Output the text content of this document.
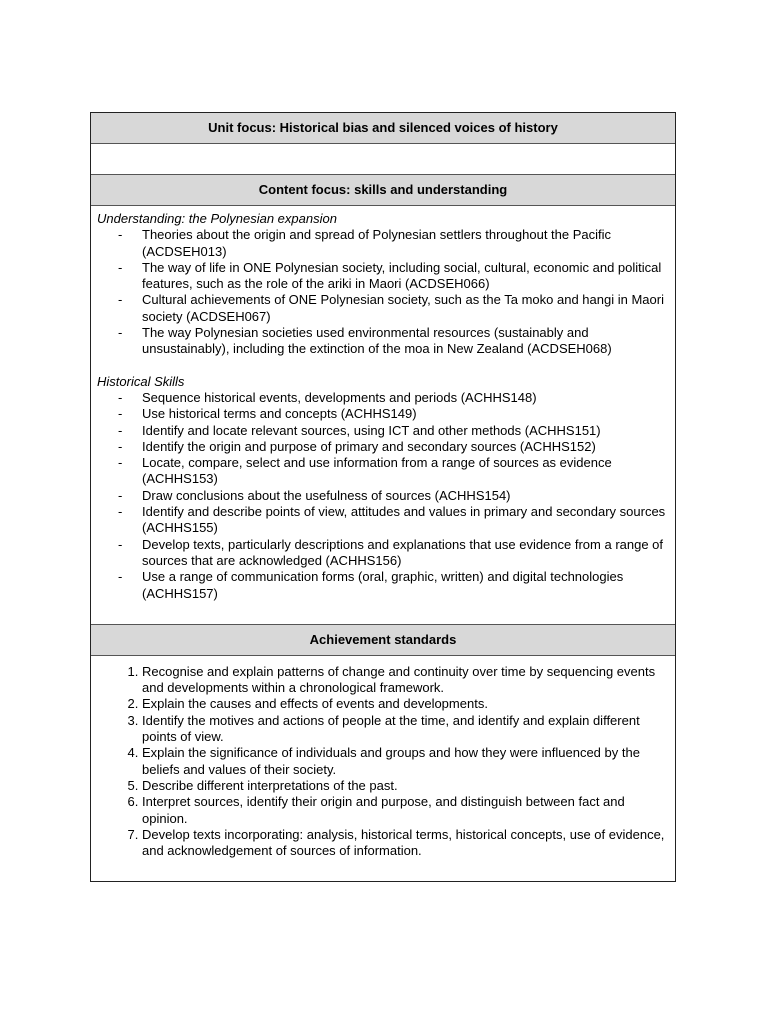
Unit focus: Historical bias and silenced voices of history
Content focus: skills and understanding
Understanding: the Polynesian expansion
- Theories about the origin and spread of Polynesian settlers throughout the Pacific (ACDSEH013)
- The way of life in ONE Polynesian society, including social, cultural, economic and political features, such as the role of the ariki in Maori (ACDSEH066)
- Cultural achievements of ONE Polynesian society, such as the Ta moko and hangi in Maori society (ACDSEH067)
- The way Polynesian societies used environmental resources (sustainably and unsustainably), including the extinction of the moa in New Zealand (ACDSEH068)
Historical Skills
- Sequence historical events, developments and periods (ACHHS148)
- Use historical terms and concepts (ACHHS149)
- Identify and locate relevant sources, using ICT and other methods (ACHHS151)
- Identify the origin and purpose of primary and secondary sources (ACHHS152)
- Locate, compare, select and use information from a range of sources as evidence (ACHHS153)
- Draw conclusions about the usefulness of sources (ACHHS154)
- Identify and describe points of view, attitudes and values in primary and secondary sources (ACHHS155)
- Develop texts, particularly descriptions and explanations that use evidence from a range of sources that are acknowledged (ACHHS156)
- Use a range of communication forms (oral, graphic, written) and digital technologies (ACHHS157)
Achievement standards
1. Recognise and explain patterns of change and continuity over time by sequencing events and developments within a chronological framework.
2. Explain the causes and effects of events and developments.
3. Identify the motives and actions of people at the time, and identify and explain different points of view.
4. Explain the significance of individuals and groups and how they were influenced by the beliefs and values of their society.
5. Describe different interpretations of the past.
6. Interpret sources, identify their origin and purpose, and distinguish between fact and opinion.
7. Develop texts incorporating: analysis, historical terms, historical concepts, use of evidence, and acknowledgement of sources of information.
